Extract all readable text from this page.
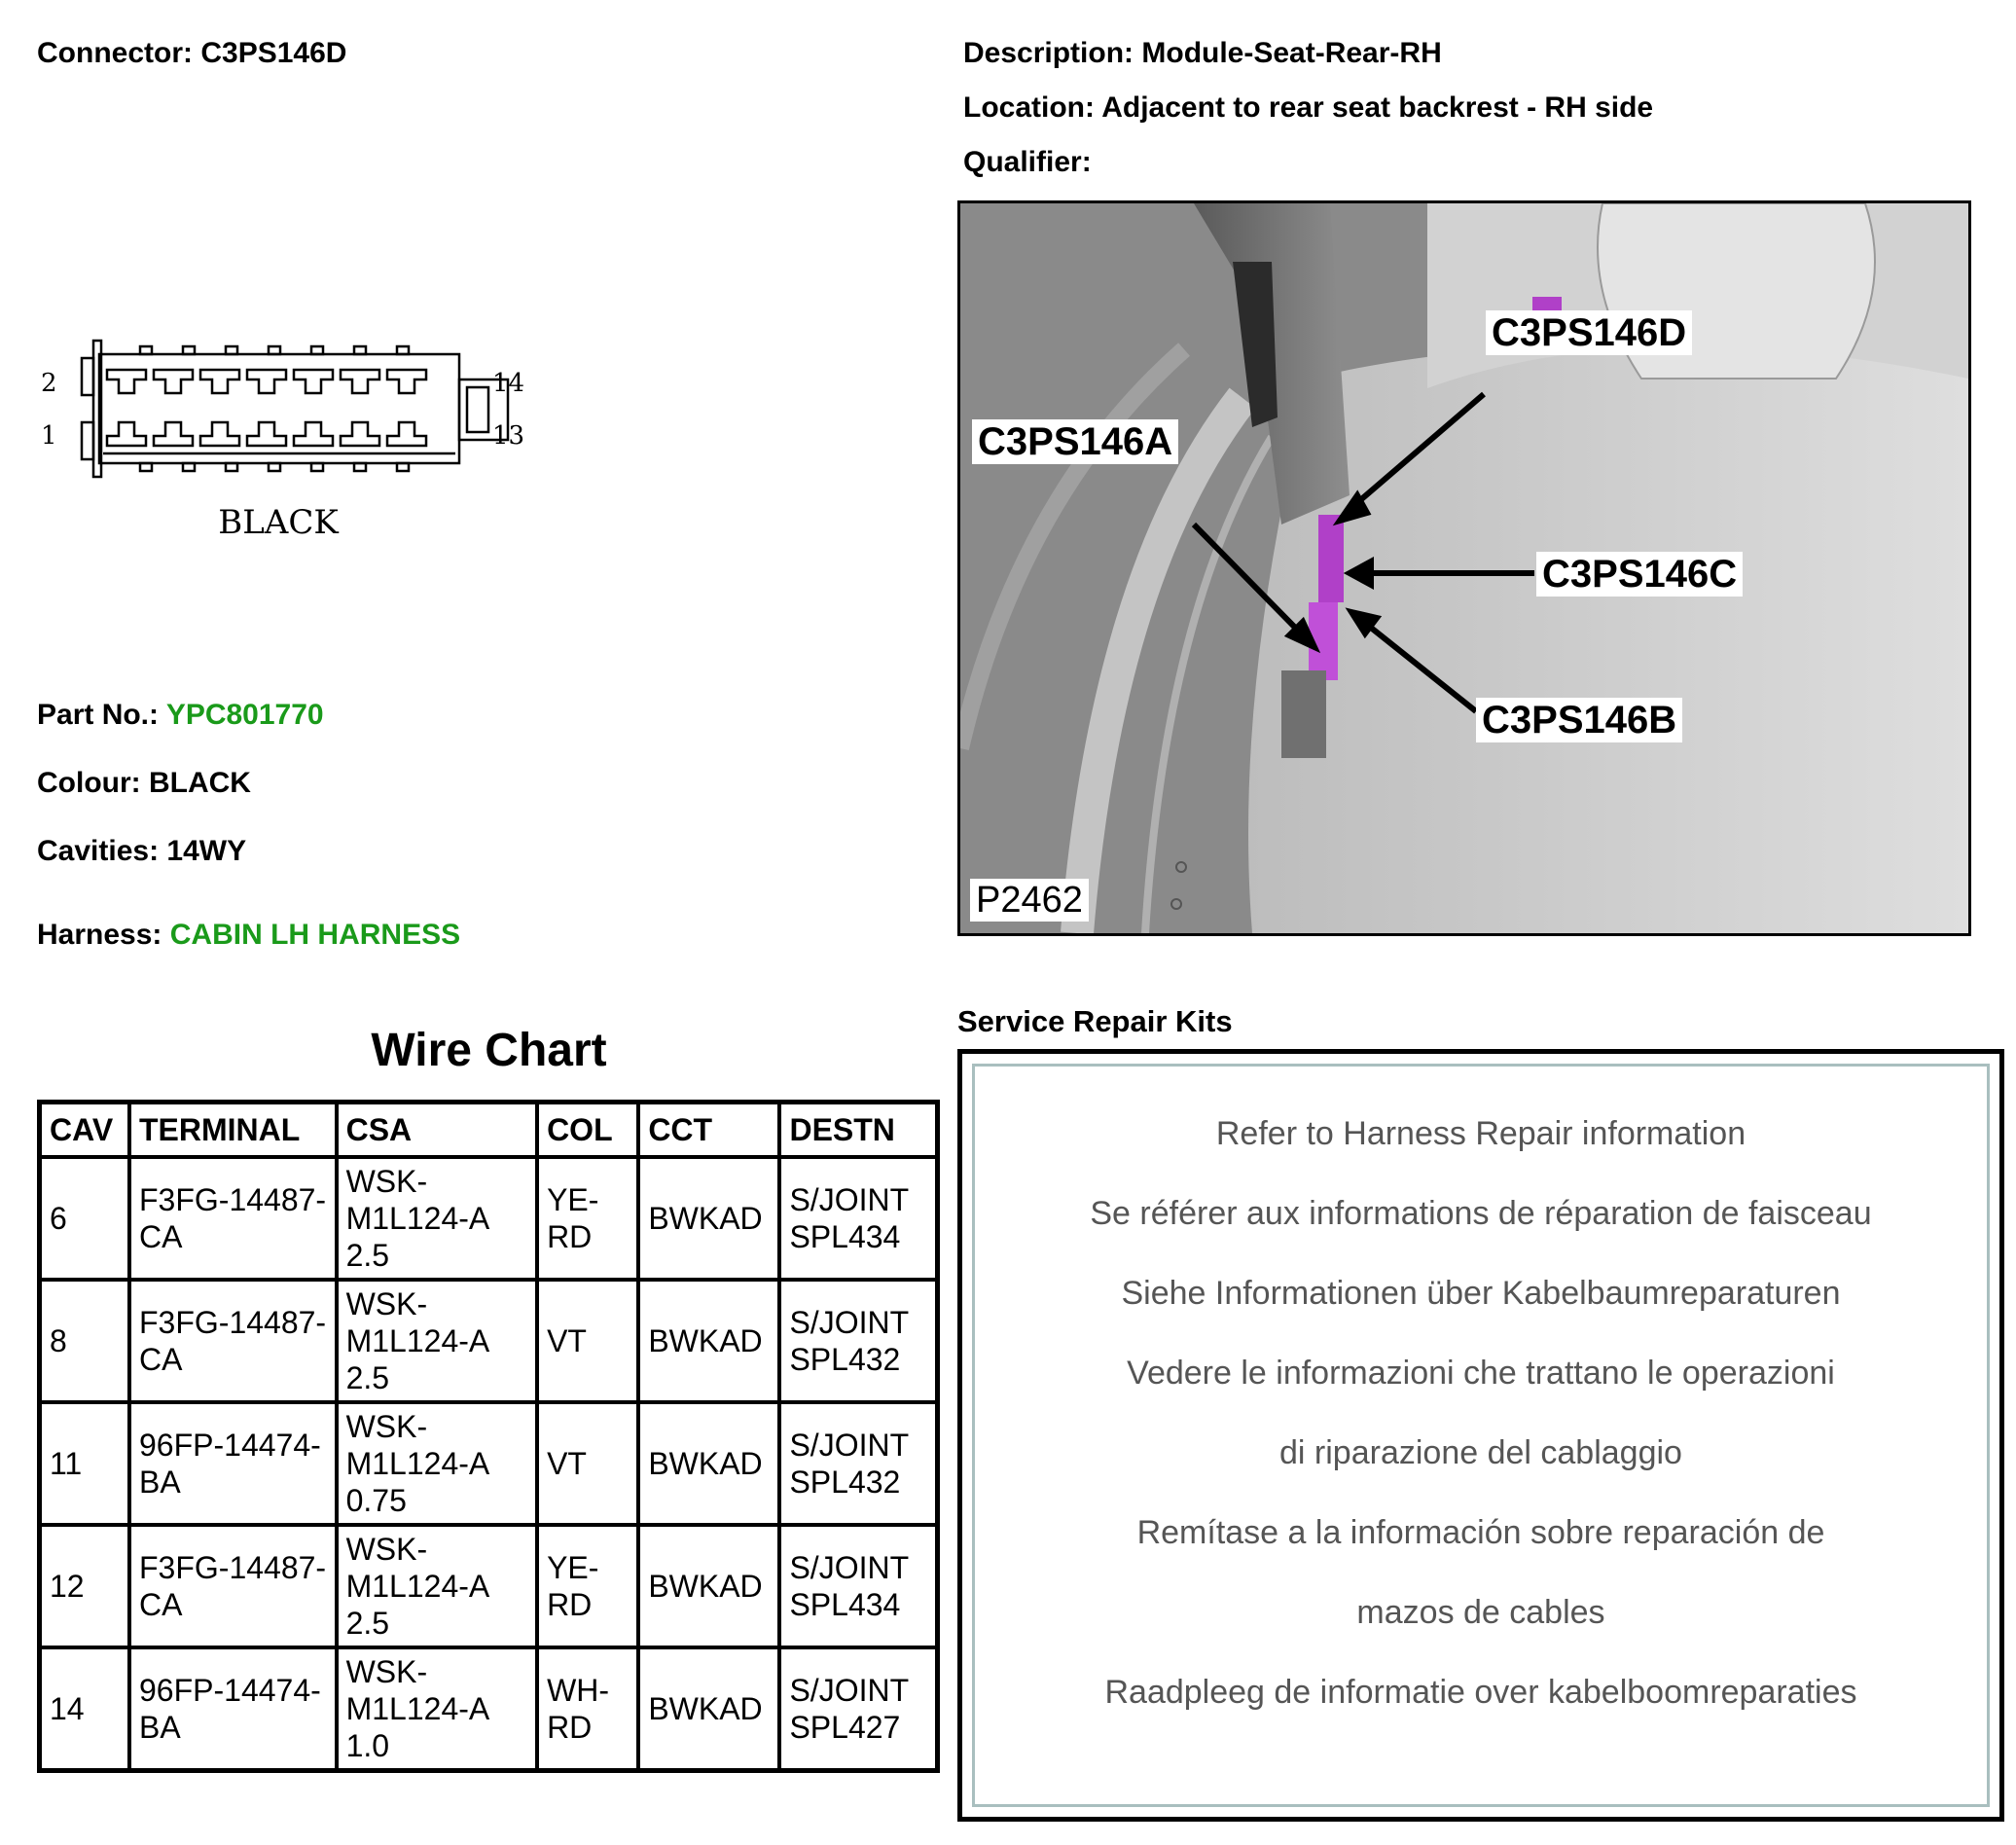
Connector: C3PS146D	Description: Module-Seat-Rear-RH
Location: Adjacent to rear seat backrest - RH side
Qualifier:
2
1
14
13
BLACK
Part No.: YPC801770
Colour: BLACK
Cavities: 14WY
Harness: CABIN LH HARNESS
C3PS146D
C3PS146A
C3PS146C
C3PS146B
P2462
Wire Chart
CAV	TERMINAL	CSA	COL	CCT	DESTN
6	F3FG-14487-CA	WSK-M1L124-A 2.5	YE-RD	BWKAD	S/JOINT SPL434
8	F3FG-14487-CA	WSK-M1L124-A 2.5	VT	BWKAD	S/JOINT SPL432
11	96FP-14474-BA	WSK-M1L124-A 0.75	VT	BWKAD	S/JOINT SPL432
12	F3FG-14487-CA	WSK-M1L124-A 2.5	YE-RD	BWKAD	S/JOINT SPL434
14	96FP-14474-BA	WSK-M1L124-A 1.0	WH-RD	BWKAD	S/JOINT SPL427
Service Repair Kits
Refer to Harness Repair information
Se référer aux informations de réparation de faisceau
Siehe Informationen über Kabelbaumreparaturen
Vedere le informazioni che trattano le operazioni
di riparazione del cablaggio
Remítase a la información sobre reparación de
mazos de cables
Raadpleeg de informatie over kabelboomreparaties
